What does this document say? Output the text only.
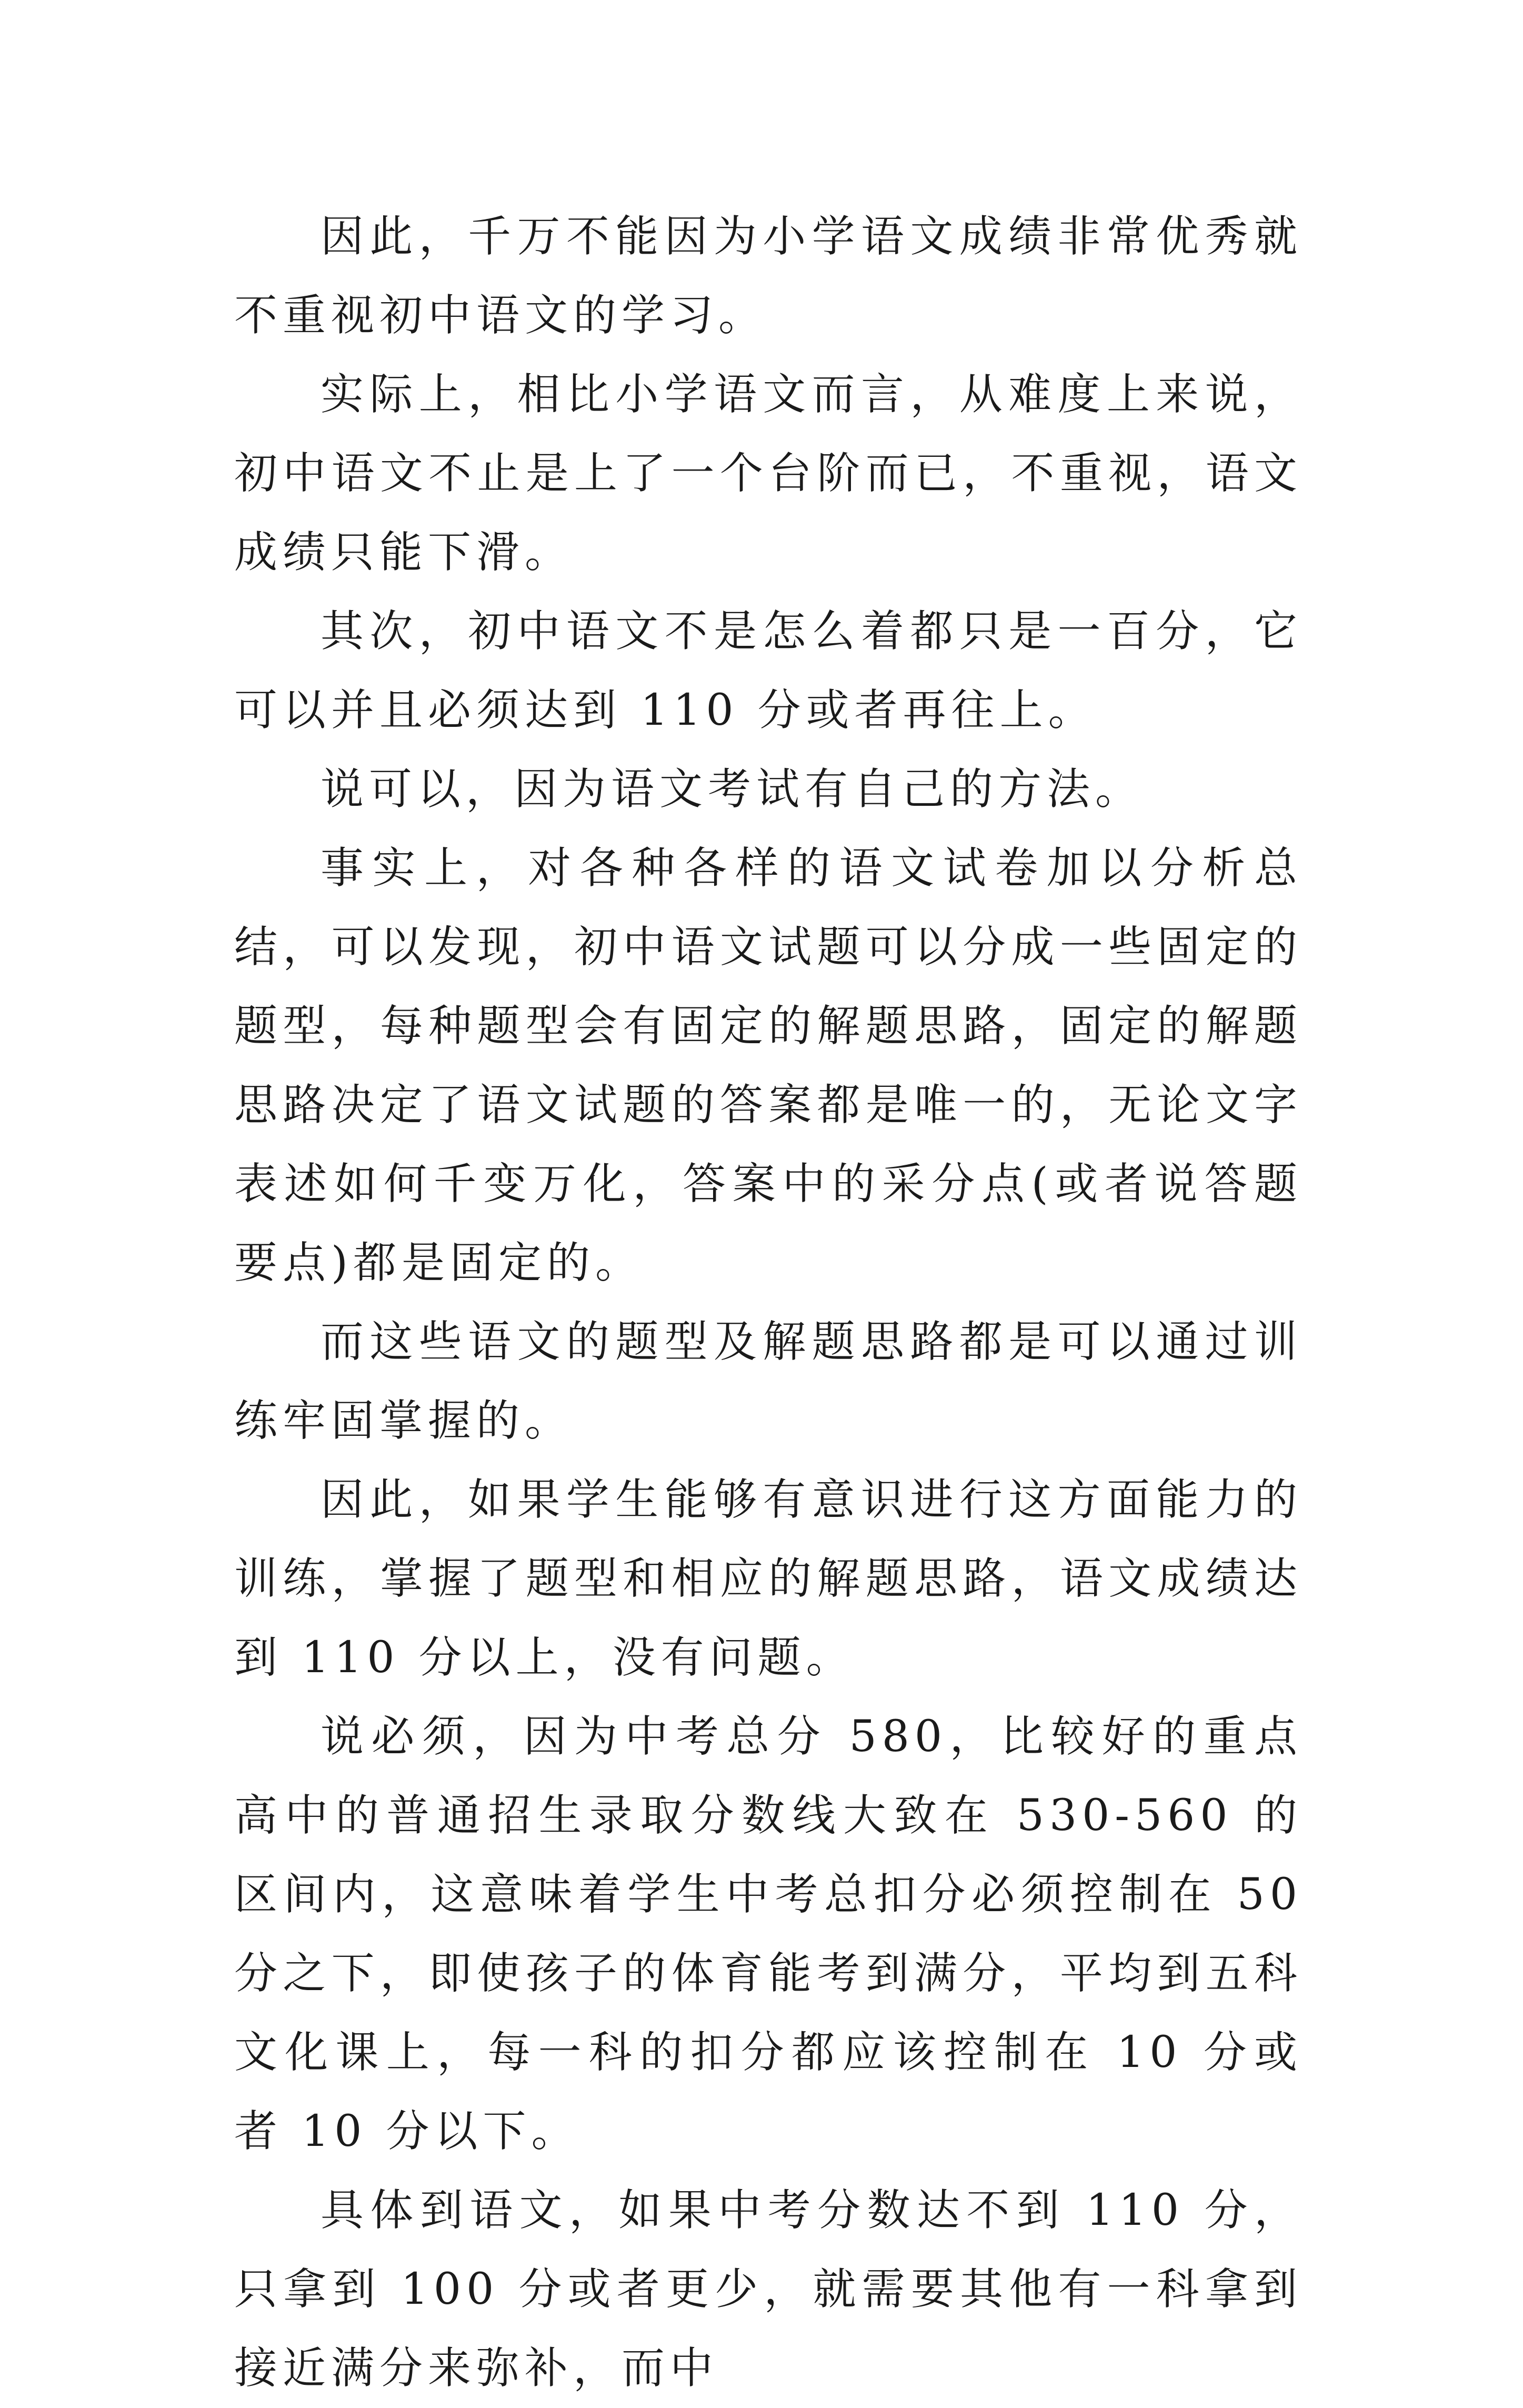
因此，千万不能因为小学语文成绩非常优秀就不重视初中语文的学习。

实际上，相比小学语文而言，从难度上来说，初中语文不止是上了一个台阶而已，不重视，语文成绩只能下滑。

其次，初中语文不是怎么着都只是一百分，它可以并且必须达到 110 分或者再往上。

说可以，因为语文考试有自己的方法。

事实上，对各种各样的语文试卷加以分析总结，可以发现，初中语文试题可以分成一些固定的题型，每种题型会有固定的解题思路，固定的解题思路决定了语文试题的答案都是唯一的，无论文字表述如何千变万化，答案中的采分点(或者说答题要点)都是固定的。

而这些语文的题型及解题思路都是可以通过训练牢固掌握的。

因此，如果学生能够有意识进行这方面能力的训练，掌握了题型和相应的解题思路，语文成绩达到 110 分以上，没有问题。

说必须，因为中考总分 580，比较好的重点高中的普通招生录取分数线大致在 530-560 的区间内，这意味着学生中考总扣分必须控制在 50 分之下，即使孩子的体育能考到满分，平均到五科文化课上，每一科的扣分都应该控制在 10 分或者 10 分以下。

具体到语文，如果中考分数达不到 110 分，只拿到 100 分或者更少，就需要其他有一科拿到接近满分来弥补，而中
